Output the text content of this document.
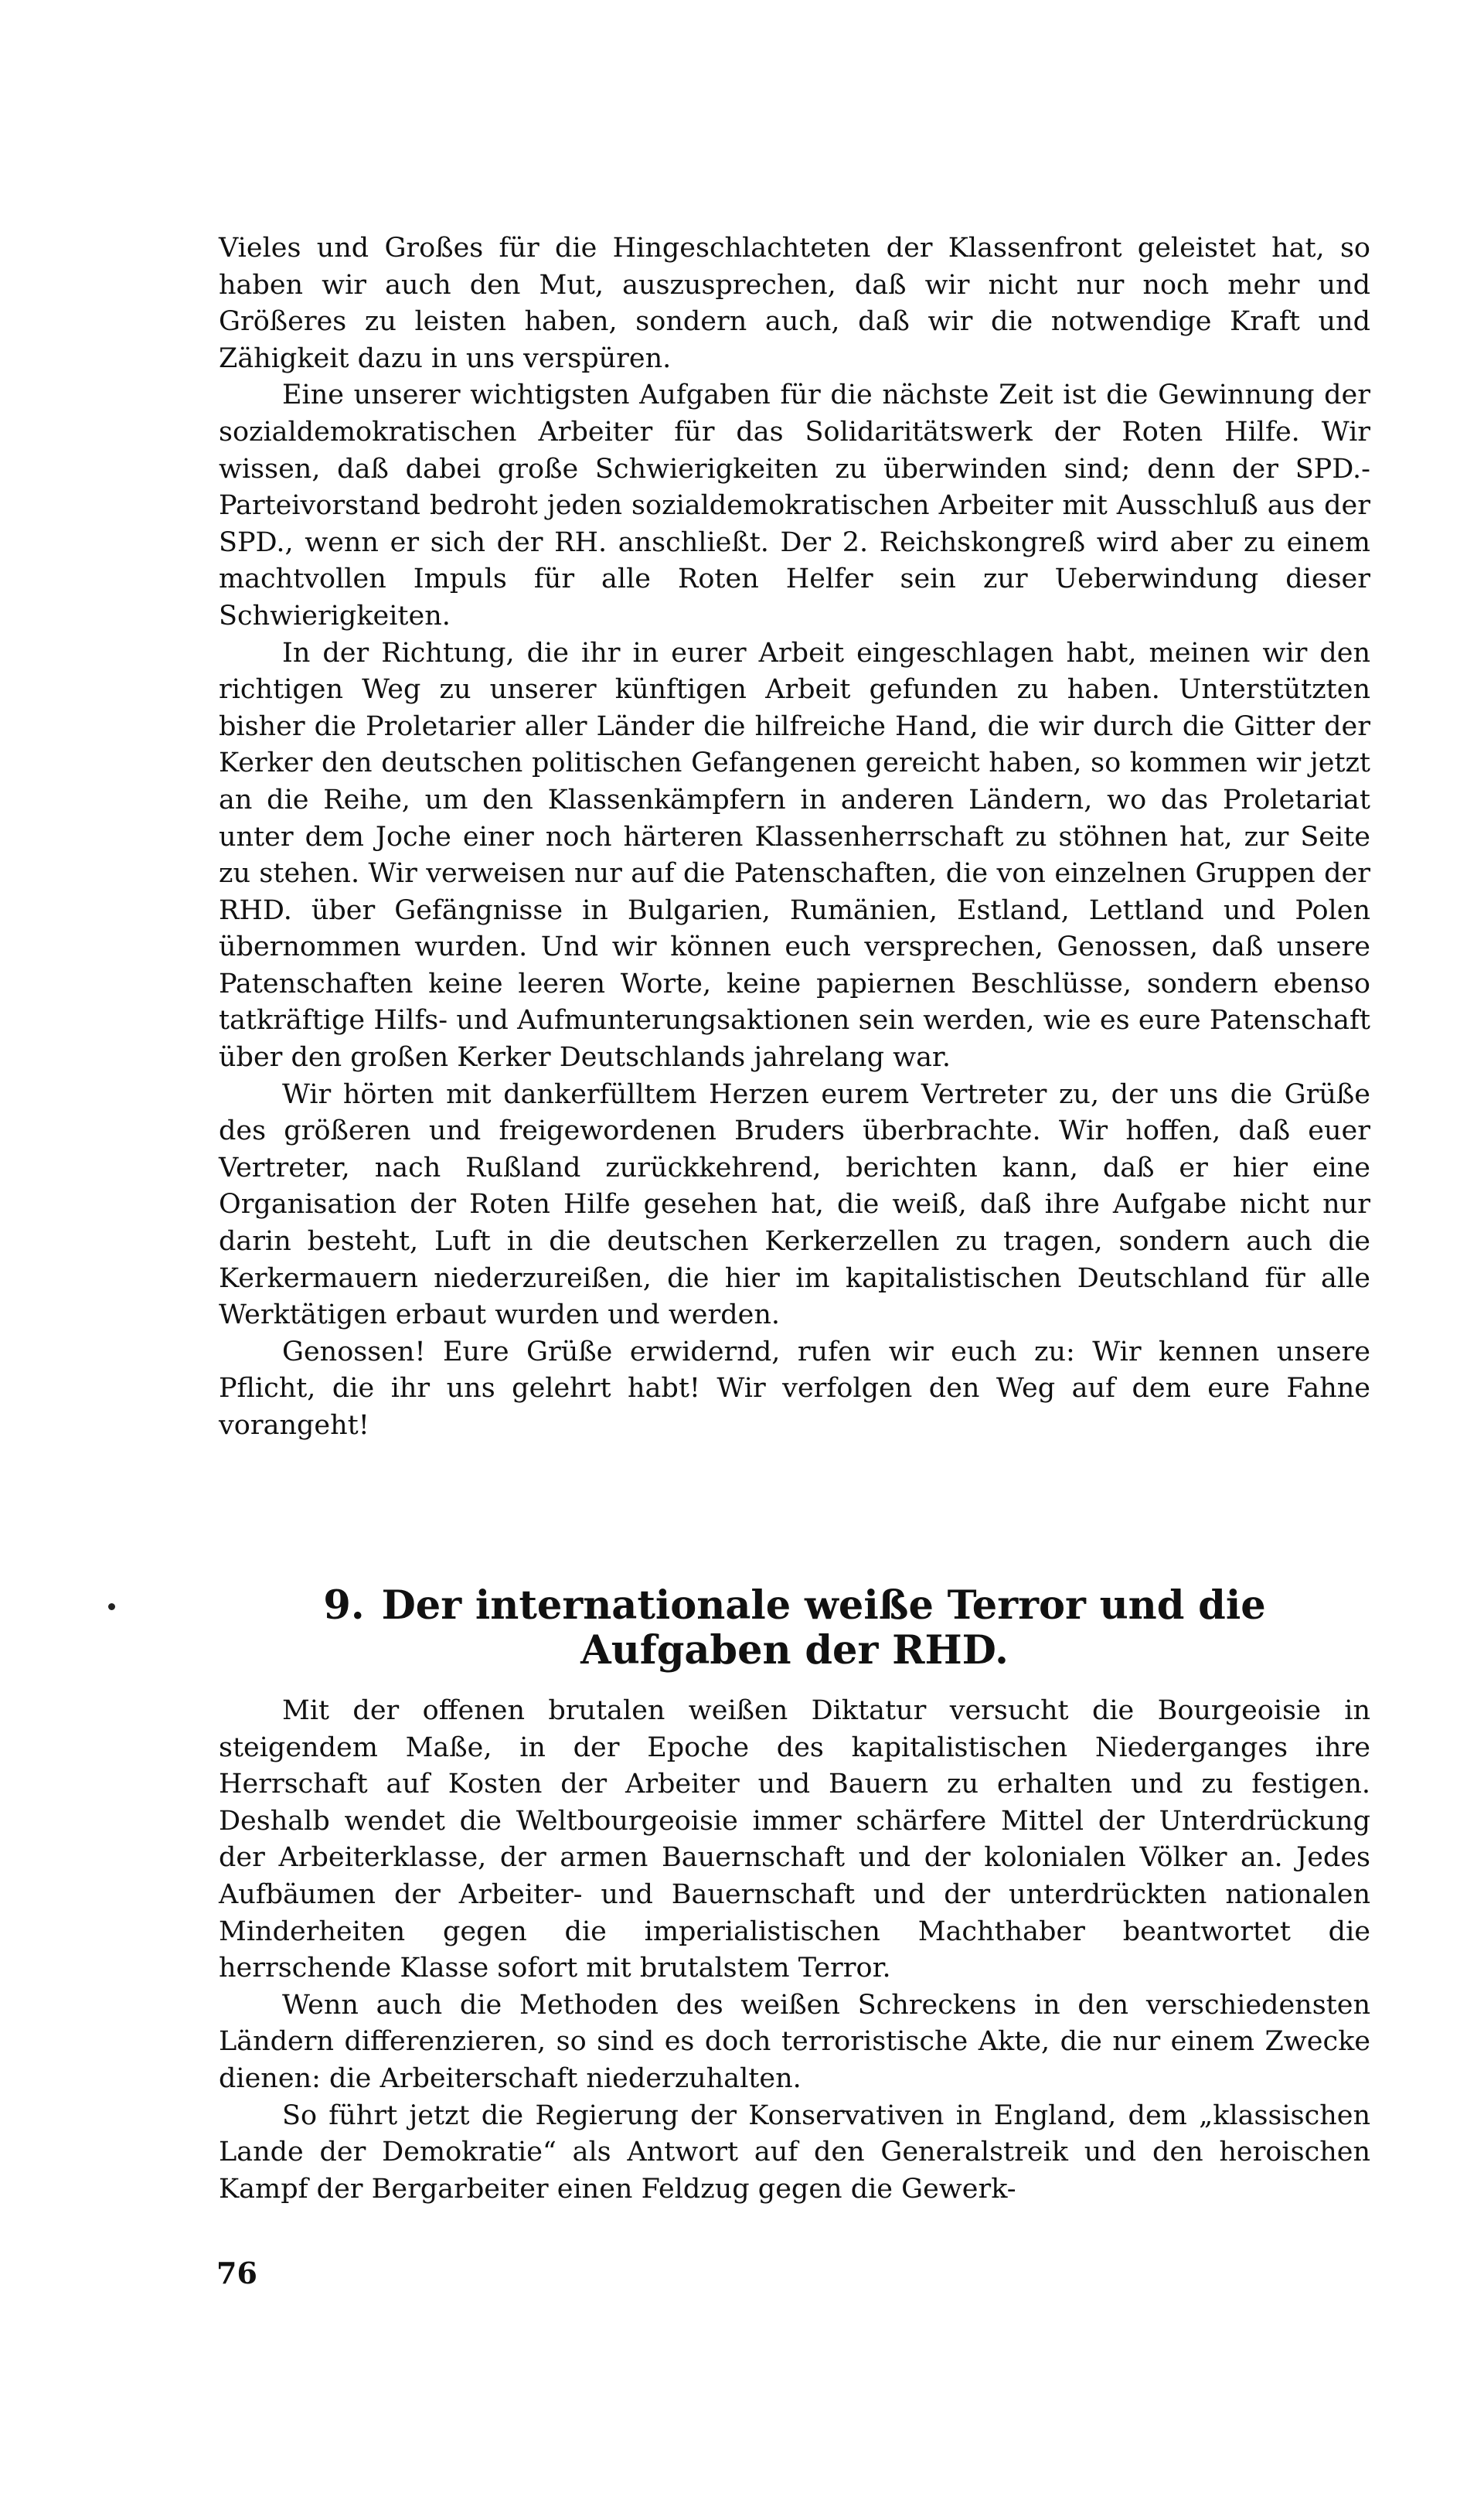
Vieles und Großes für die Hingeschlachteten der Klassenfront geleistet hat, so haben wir auch den Mut, auszusprechen, daß wir nicht nur noch mehr und Größeres zu leisten haben, sondern auch, daß wir die notwendige Kraft und Zähigkeit dazu in uns verspüren.

Eine unserer wichtigsten Aufgaben für die nächste Zeit ist die Gewinnung der sozialdemokratischen Arbeiter für das Solidaritätswerk der Roten Hilfe. Wir wissen, daß dabei große Schwierigkeiten zu überwinden sind; denn der SPD.-Parteivorstand bedroht jeden sozialdemokratischen Arbeiter mit Ausschluß aus der SPD., wenn er sich der RH. anschließt. Der 2. Reichskongreß wird aber zu einem machtvollen Impuls für alle Roten Helfer sein zur Ueberwindung dieser Schwierigkeiten.

In der Richtung, die ihr in eurer Arbeit eingeschlagen habt, meinen wir den richtigen Weg zu unserer künftigen Arbeit gefunden zu haben. Unterstützten bisher die Proletarier aller Länder die hilfreiche Hand, die wir durch die Gitter der Kerker den deutschen politischen Gefangenen gereicht haben, so kommen wir jetzt an die Reihe, um den Klassenkämpfern in anderen Ländern, wo das Proletariat unter dem Joche einer noch härteren Klassenherrschaft zu stöhnen hat, zur Seite zu stehen. Wir verweisen nur auf die Patenschaften, die von einzelnen Gruppen der RHD. über Gefängnisse in Bulgarien, Rumänien, Estland, Lettland und Polen übernommen wurden. Und wir können euch versprechen, Genossen, daß unsere Patenschaften keine leeren Worte, keine papiernen Beschlüsse, sondern ebenso tatkräftige Hilfs- und Aufmunterungsaktionen sein werden, wie es eure Patenschaft über den großen Kerker Deutschlands jahrelang war.

Wir hörten mit dankerfülltem Herzen eurem Vertreter zu, der uns die Grüße des größeren und freigewordenen Bruders überbrachte. Wir hoffen, daß euer Vertreter, nach Rußland zurückkehrend, berichten kann, daß er hier eine Organisation der Roten Hilfe gesehen hat, die weiß, daß ihre Aufgabe nicht nur darin besteht, Luft in die deutschen Kerkerzellen zu tragen, sondern auch die Kerkermauern niederzureißen, die hier im kapitalistischen Deutschland für alle Werktätigen erbaut wurden und werden.

Genossen! Eure Grüße erwidernd, rufen wir euch zu: Wir kennen unsere Pflicht, die ihr uns gelehrt habt! Wir verfolgen den Weg auf dem eure Fahne vorangeht!

9. Der internationale weiße Terror und die Aufgaben der RHD.

Mit der offenen brutalen weißen Diktatur versucht die Bourgeoisie in steigendem Maße, in der Epoche des kapitalistischen Niederganges ihre Herrschaft auf Kosten der Arbeiter und Bauern zu erhalten und zu festigen. Deshalb wendet die Weltbourgeoisie immer schärfere Mittel der Unterdrückung der Arbeiterklasse, der armen Bauernschaft und der kolonialen Völker an. Jedes Aufbäumen der Arbeiter- und Bauernschaft und der unterdrückten nationalen Minderheiten gegen die imperialistischen Machthaber beantwortet die herrschende Klasse sofort mit brutalstem Terror.

Wenn auch die Methoden des weißen Schreckens in den verschiedensten Ländern differenzieren, so sind es doch terroristische Akte, die nur einem Zwecke dienen: die Arbeiterschaft niederzuhalten.

So führt jetzt die Regierung der Konservativen in England, dem „klassischen Lande der Demokratie“ als Antwort auf den Generalstreik und den heroischen Kampf der Bergarbeiter einen Feldzug gegen die Gewerk-

76
